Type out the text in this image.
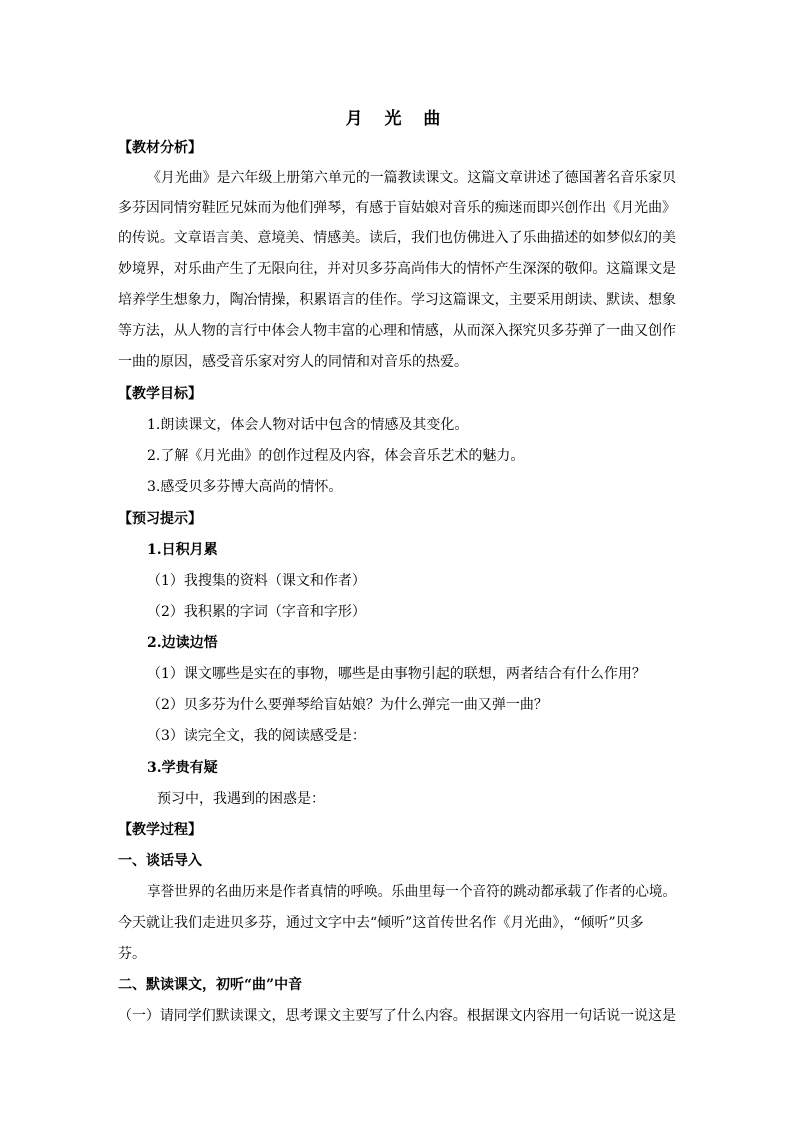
月 光 曲
【教材分析】
《月光曲》是六年级上册第六单元的一篇教读课文。这篇文章讲述了德国著名音乐家贝
多芬因同情穷鞋匠兄妹而为他们弹琴，有感于盲姑娘对音乐的痴迷而即兴创作出《月光曲》
的传说。文章语言美、意境美、情感美。读后，我们也仿佛进入了乐曲描述的如梦似幻的美
妙境界，对乐曲产生了无限向往，并对贝多芬高尚伟大的情怀产生深深的敬仰。这篇课文是
培养学生想象力，陶冶情操，积累语言的佳作。学习这篇课文，主要采用朗读、默读、想象
等方法，从人物的言行中体会人物丰富的心理和情感，从而深入探究贝多芬弹了一曲又创作
一曲的原因，感受音乐家对穷人的同情和对音乐的热爱。
【教学目标】
1.朗读课文，体会人物对话中包含的情感及其变化。
2.了解《月光曲》的创作过程及内容，体会音乐艺术的魅力。
3.感受贝多芬博大高尚的情怀。
【预习提示】
1.日积月累
（1）我搜集的资料（课文和作者）
（2）我积累的字词（字音和字形）
2.边读边悟
（1）课文哪些是实在的事物，哪些是由事物引起的联想，两者结合有什么作用？
（2）贝多芬为什么要弹琴给盲姑娘？为什么弹完一曲又弹一曲？
（3）读完全文，我的阅读感受是：
3.学贵有疑
预习中，我遇到的困惑是：
【教学过程】
一、谈话导入
享誉世界的名曲历来是作者真情的呼唤。乐曲里每一个音符的跳动都承载了作者的心境。
今天就让我们走进贝多芬，通过文字中去“倾听”这首传世名作《月光曲》，“倾听”贝多
芬。
二、默读课文，初听“曲”中音
（一）请同学们默读课文，思考课文主要写了什么内容。根据课文内容用一句话说一说这是
